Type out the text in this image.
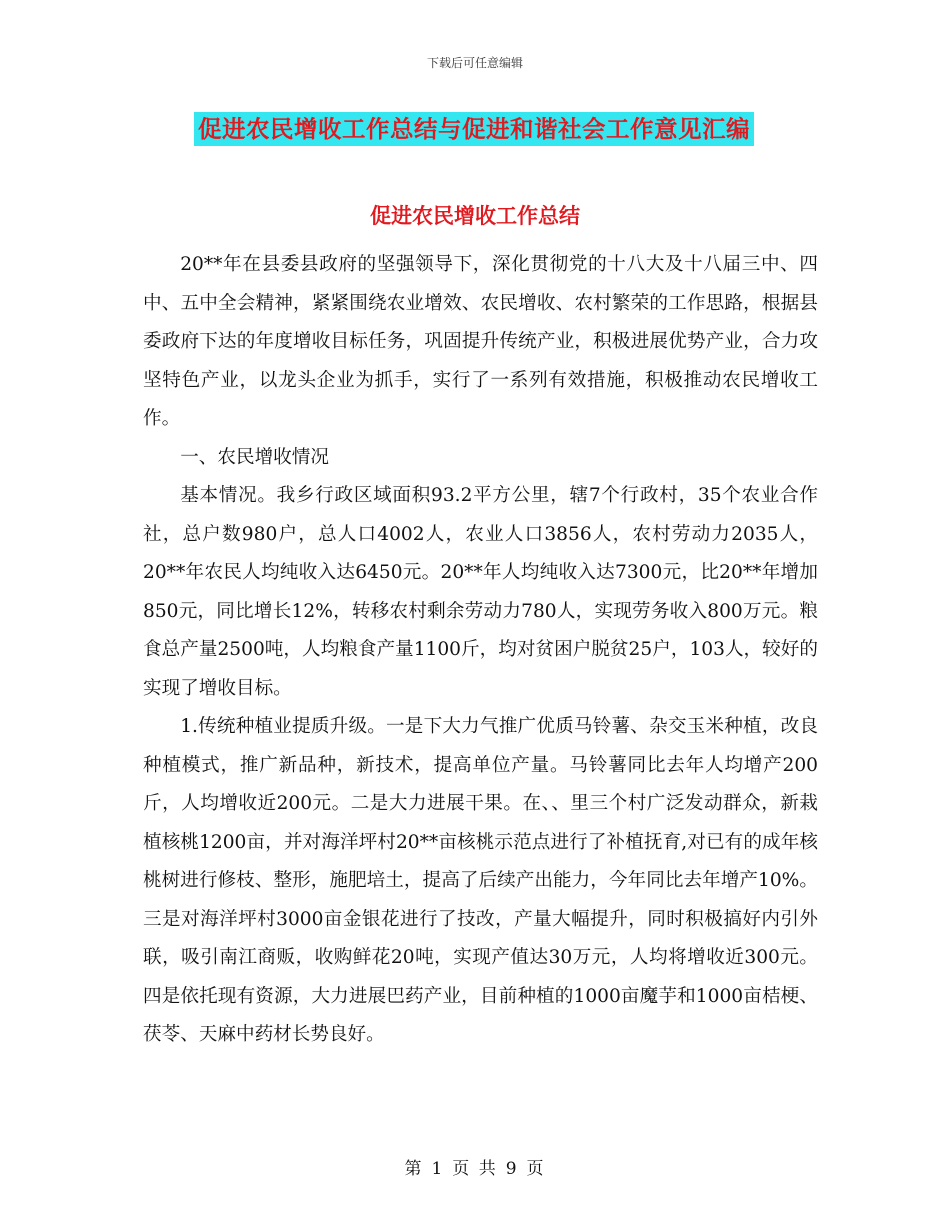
下载后可任意编辑
促进农民增收工作总结与促进和谐社会工作意见汇编
促进农民增收工作总结

20**年在县委县政府的坚强领导下，深化贯彻党的十八大及十八届三中、四中、五中全会精神，紧紧围绕农业增效、农民增收、农村繁荣的工作思路，根据县委政府下达的年度增收目标任务，巩固提升传统产业，积极进展优势产业，合力攻坚特色产业，以龙头企业为抓手，实行了一系列有效措施，积极推动农民增收工作。

一、农民增收情况

基本情况。我乡行政区域面积93.2平方公里，辖7个行政村，35个农业合作社，总户数980户，总人口4002人，农业人口3856人，农村劳动力2035人，20**年农民人均纯收入达6450元。20**年人均纯收入达7300元，比20**年增加850元，同比增长12%，转移农村剩余劳动力780人，实现劳务收入800万元。粮食总产量2500吨，人均粮食产量1100斤，均对贫困户脱贫25户，103人，较好的实现了增收目标。

1.传统种植业提质升级。一是下大力气推广优质马铃薯、杂交玉米种植，改良种植模式，推广新品种，新技术，提高单位产量。马铃薯同比去年人均增产200斤，人均增收近200元。二是大力进展干果。在、、里三个村广泛发动群众，新栽植核桃1200亩，并对海洋坪村20**亩核桃示范点进行了补植抚育,对已有的成年核桃树进行修枝、整形，施肥培土，提高了后续产出能力，今年同比去年增产10%。三是对海洋坪村3000亩金银花进行了技改，产量大幅提升，同时积极搞好内引外联，吸引南江商贩，收购鲜花20吨，实现产值达30万元，人均将增收近300元。四是依托现有资源，大力进展巴药产业，目前种植的1000亩魔芋和1000亩桔梗、茯苓、天麻中药材长势良好。

第 1 页 共 9 页
